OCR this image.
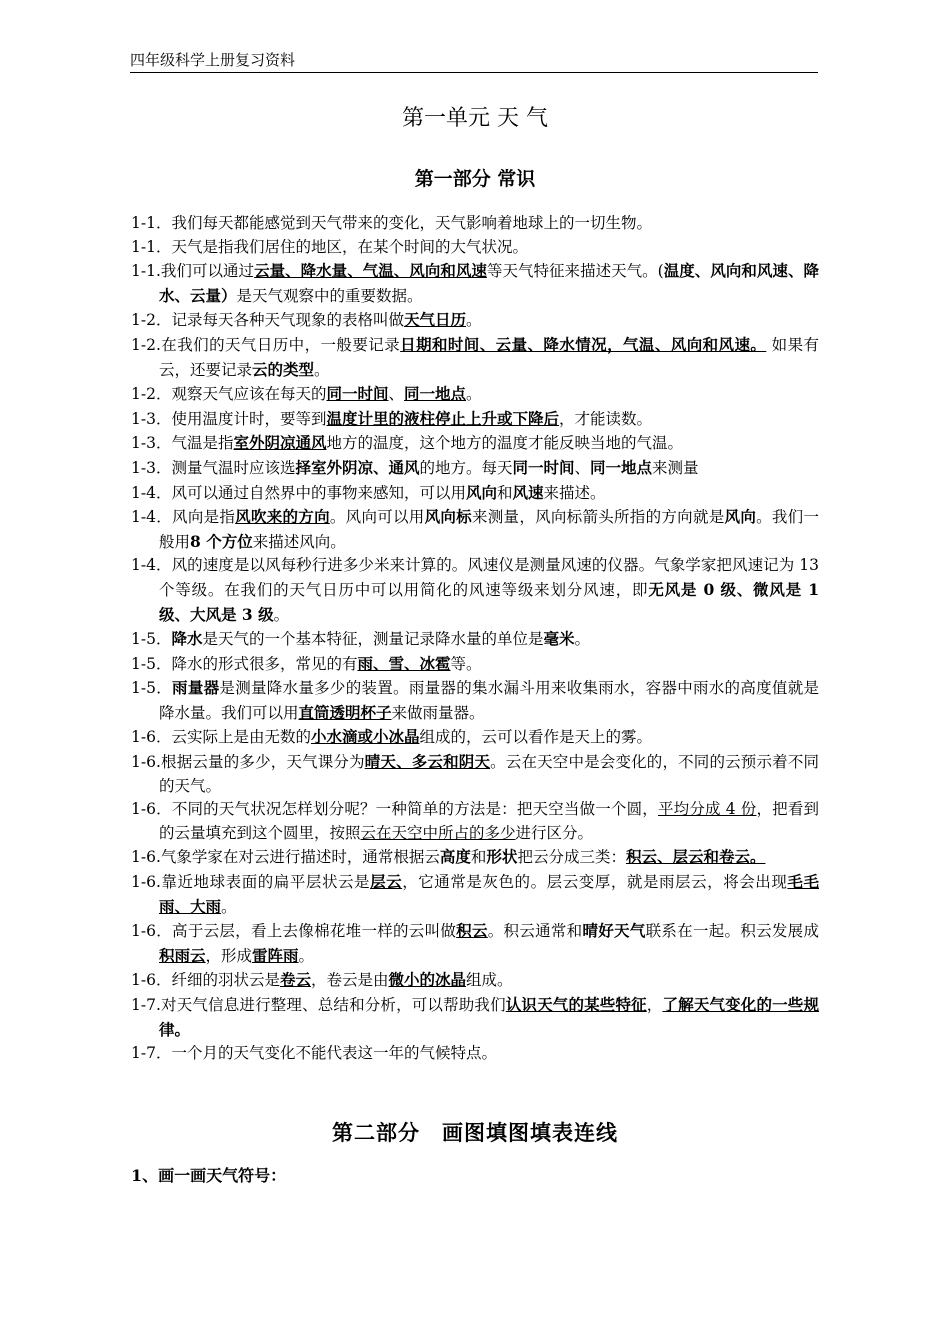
四年级科学上册复习资料
第一单元 天 气
第一部分 常识
1-1．我们每天都能感觉到天气带来的变化，天气影响着地球上的一切生物。
1-1．天气是指我们居住的地区，在某个时间的大气状况。
1-1.我们可以通过云量、降水量、气温、风向和风速等天气特征来描述天气。(温度、风向和风速、降水、云量）是天气观察中的重要数据。
1-2．记录每天各种天气现象的表格叫做天气日历。
1-2.在我们的天气日历中，一般要记录日期和时间、云量、降水情况，气温、风向和风速。 如果有云，还要记录云的类型。
1-2．观察天气应该在每天的同一时间、同一地点。
1-3．使用温度计时，要等到温度计里的液柱停止上升或下降后，才能读数。
1-3．气温是指室外阴凉通风地方的温度，这个地方的温度才能反映当地的气温。
1-3．测量气温时应该选择室外阴凉、通风的地方。每天同一时间、同一地点来测量
1-4．风可以通过自然界中的事物来感知，可以用风向和风速来描述。
1-4．风向是指风吹来的方向。风向可以用风向标来测量，风向标箭头所指的方向就是风向。我们一般用8 个方位来描述风向。
1-4．风的速度是以风每秒行进多少米来计算的。风速仪是测量风速的仪器。气象学家把风速记为 13 个等级。在我们的天气日历中可以用简化的风速等级来划分风速，即无风是 0 级、微风是 1 级、大风是 3 级。
1-5．降水是天气的一个基本特征，测量记录降水量的单位是毫米。
1-5．降水的形式很多，常见的有雨、雪、冰雹等。
1-5．雨量器是测量降水量多少的装置。雨量器的集水漏斗用来收集雨水，容器中雨水的高度值就是降水量。我们可以用直筒透明杯子来做雨量器。
1-6．云实际上是由无数的小水滴或小冰晶组成的，云可以看作是天上的雾。
1-6.根据云量的多少，天气课分为晴天、多云和阴天。云在天空中是会变化的，不同的云预示着不同的天气。
1-6．不同的天气状况怎样划分呢？一种简单的方法是：把天空当做一个圆，平均分成 4 份，把看到的云量填充到这个圆里，按照云在天空中所占的多少进行区分。
1-6.气象学家在对云进行描述时，通常根据云高度和形状把云分成三类：积云、层云和卷云。
1-6.靠近地球表面的扁平层状云是层云，它通常是灰色的。层云变厚，就是雨层云，将会出现毛毛雨、大雨。
1-6．高于云层，看上去像棉花堆一样的云叫做积云。积云通常和晴好天气联系在一起。积云发展成积雨云，形成雷阵雨。
1-6．纤细的羽状云是卷云，卷云是由微小的冰晶组成。
1-7.对天气信息进行整理、总结和分析，可以帮助我们认识天气的某些特征，了解天气变化的一些规律。
1-7．一个月的天气变化不能代表这一年的气候特点。
第二部分　画图填图填表连线
1、画一画天气符号：
